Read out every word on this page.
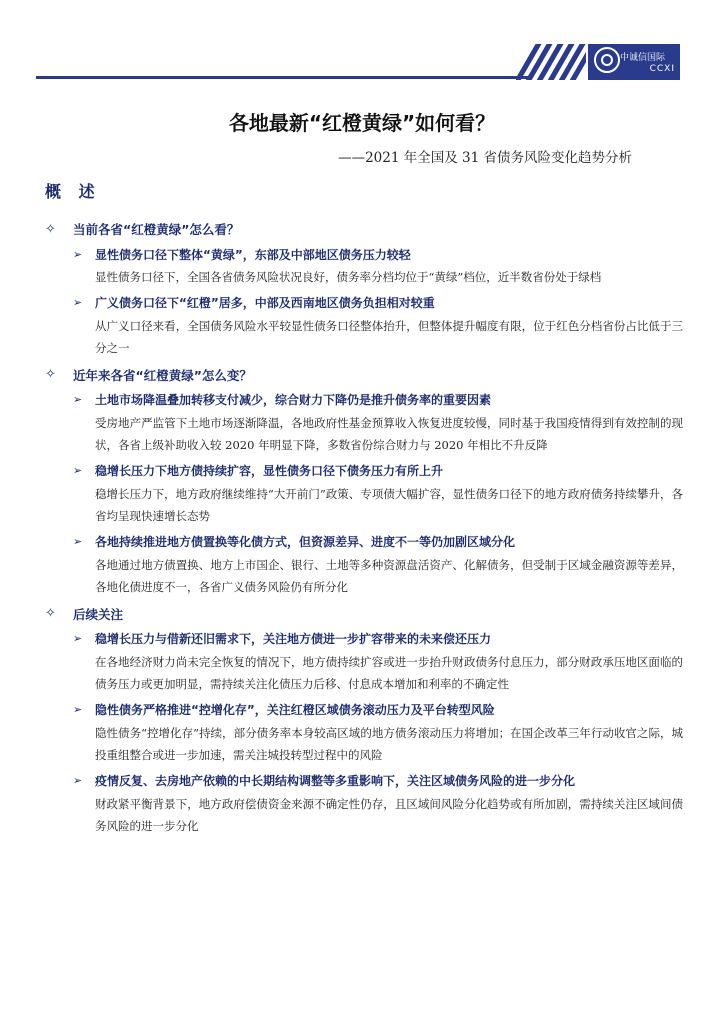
中诚信国际
CCXI
各地最新“红橙黄绿”如何看？
——2021 年全国及 31 省债务风险变化趋势分析
概 述
✧	当前各省“红橙黄绿”怎么看？
➢	显性债务口径下整体“黄绿”，东部及中部地区债务压力较轻
显性债务口径下，全国各省债务风险状况良好，债务率分档均位于“黄绿”档位，近半数省份处于绿档
➢	广义债务口径下“红橙”居多，中部及西南地区债务负担相对较重
从广义口径来看，全国债务风险水平较显性债务口径整体抬升，但整体提升幅度有限，位于红色分档省份占比低于三分之一
✧	近年来各省“红橙黄绿”怎么变？
➢	土地市场降温叠加转移支付减少，综合财力下降仍是推升债务率的重要因素
受房地产严监管下土地市场逐渐降温，各地政府性基金预算收入恢复进度较慢，同时基于我国疫情得到有效控制的现状，各省上级补助收入较 2020 年明显下降，多数省份综合财力与 2020 年相比不升反降
➢	稳增长压力下地方债持续扩容，显性债务口径下债务压力有所上升
稳增长压力下，地方政府继续维持“大开前门”政策、专项债大幅扩容，显性债务口径下的地方政府债务持续攀升，各省均呈现快速增长态势
➢	各地持续推进地方债置换等化债方式，但资源差异、进度不一等仍加剧区域分化
各地通过地方债置换、地方上市国企、银行、土地等多种资源盘活资产、化解债务，但受制于区域金融资源等差异，各地化债进度不一，各省广义债务风险仍有所分化
✧	后续关注
➢	稳增长压力与借新还旧需求下，关注地方债进一步扩容带来的未来偿还压力
在各地经济财力尚未完全恢复的情况下，地方债持续扩容或进一步抬升财政债务付息压力，部分财政承压地区面临的债务压力或更加明显，需持续关注化债压力后移、付息成本增加和利率的不确定性
➢	隐性债务严格推进“控增化存”，关注红橙区域债务滚动压力及平台转型风险
隐性债务“控增化存”持续，部分债务率本身较高区域的地方债务滚动压力将增加；在国企改革三年行动收官之际，城投重组整合或进一步加速，需关注城投转型过程中的风险
➢	疫情反复、去房地产依赖的中长期结构调整等多重影响下，关注区域债务风险的进一步分化
财政紧平衡背景下，地方政府偿债资金来源不确定性仍存，且区域间风险分化趋势或有所加剧，需持续关注区域间债务风险的进一步分化
